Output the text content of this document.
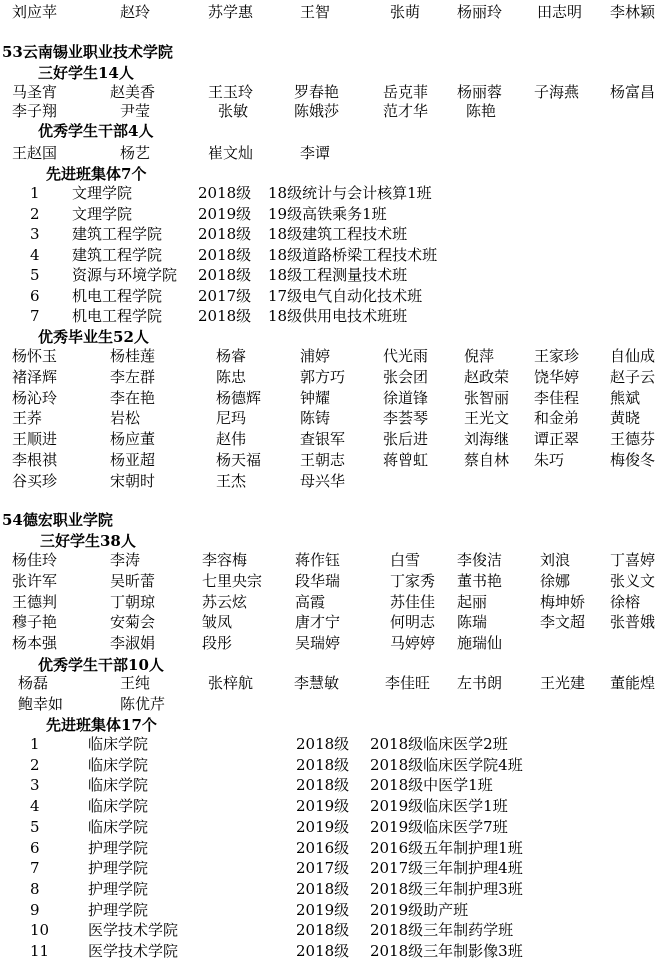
刘应苹	赵玲	苏学惠	王智	张萌 杨丽玲 田志明 李林颖
53云南锡业职业技术学院
三好学生14人
马圣宵	赵美香	王玉玲	罗春艳	岳克菲 杨丽蓉 子海燕 杨富昌
李子翔	尹莹	张敏	陈娥莎	范才华	陈艳
优秀学生干部4人
王赵国	杨艺	崔文灿	李谭
先进班集体7个
1 文理学院	2018级 18级统计与会计核算1班
2 文理学院	2019级 19级高铁乘务1班
3 建筑工程学院 2018级 18级建筑工程技术班
4 建筑工程学院 2018级 18级道路桥梁工程技术班
5 资源与环境学院 2018级 18级工程测量技术班
6 机电工程学院 2017级 17级电气自动化技术班
7 机电工程学院 2018级 18级供用电技术班班
优秀毕业生52人
杨怀玉	杨桂莲	杨睿	浦婷	代光雨 倪萍	王家珍 自仙成
褚泽辉	李左群	陈忠	郭方巧	张会团 赵政荣 饶华婷 赵子云
杨沁玲	李在艳	杨德辉	钟耀	徐道锋 张智丽 李佳程 熊斌
王荞	岩松	尼玛	陈铸	李荟琴 王光文 和金弟 黄晓
王顺进	杨应董	赵伟	查银军	张后进 刘海继 谭正翠 王德芬
李根祺	杨亚超	杨天福	王朝志	蒋曾虹 蔡自林 朱巧	梅俊冬
谷买珍	宋朝时	王杰	母兴华
54德宏职业学院
三好学生38人
杨佳玲	李涛	李容梅	蒋作钰	白雪 李俊洁	刘浪	丁喜婷
张许军	吴昕蕾	七里央宗 段华瑞	丁家秀 董书艳	徐娜	张义文
王德判	丁朝琼	苏云炫	高霞	苏佳佳 起丽	梅坤娇 徐榕
穆子艳	安菊会	皱凤	唐才宁	何明志 陈瑞	李文超 张普娥
杨本强	李淑娟	段彤	吴瑞婷	马婷婷 施瑞仙
优秀学生干部10人
杨磊	王纯	张梓航	李慧敏	李佳旺 左书朗	王光建 董能煌
鲍幸如	陈优芹
先进班集体17个
1	临床学院	2018级 2018级临床医学2班
2	临床学院	2018级 2018级临床医学院4班
3	临床学院	2018级 2018级中医学1班
4	临床学院	2019级 2019级临床医学1班
5	临床学院	2019级 2019级临床医学7班
6	护理学院	2016级 2016级五年制护理1班
7	护理学院	2017级 2017级三年制护理4班
8	护理学院	2018级 2018级三年制护理3班
9	护理学院	2019级 2019级助产班
10	医学技术学院	2018级 2018级三年制药学班
11	医学技术学院	2018级 2018级三年制影像3班
